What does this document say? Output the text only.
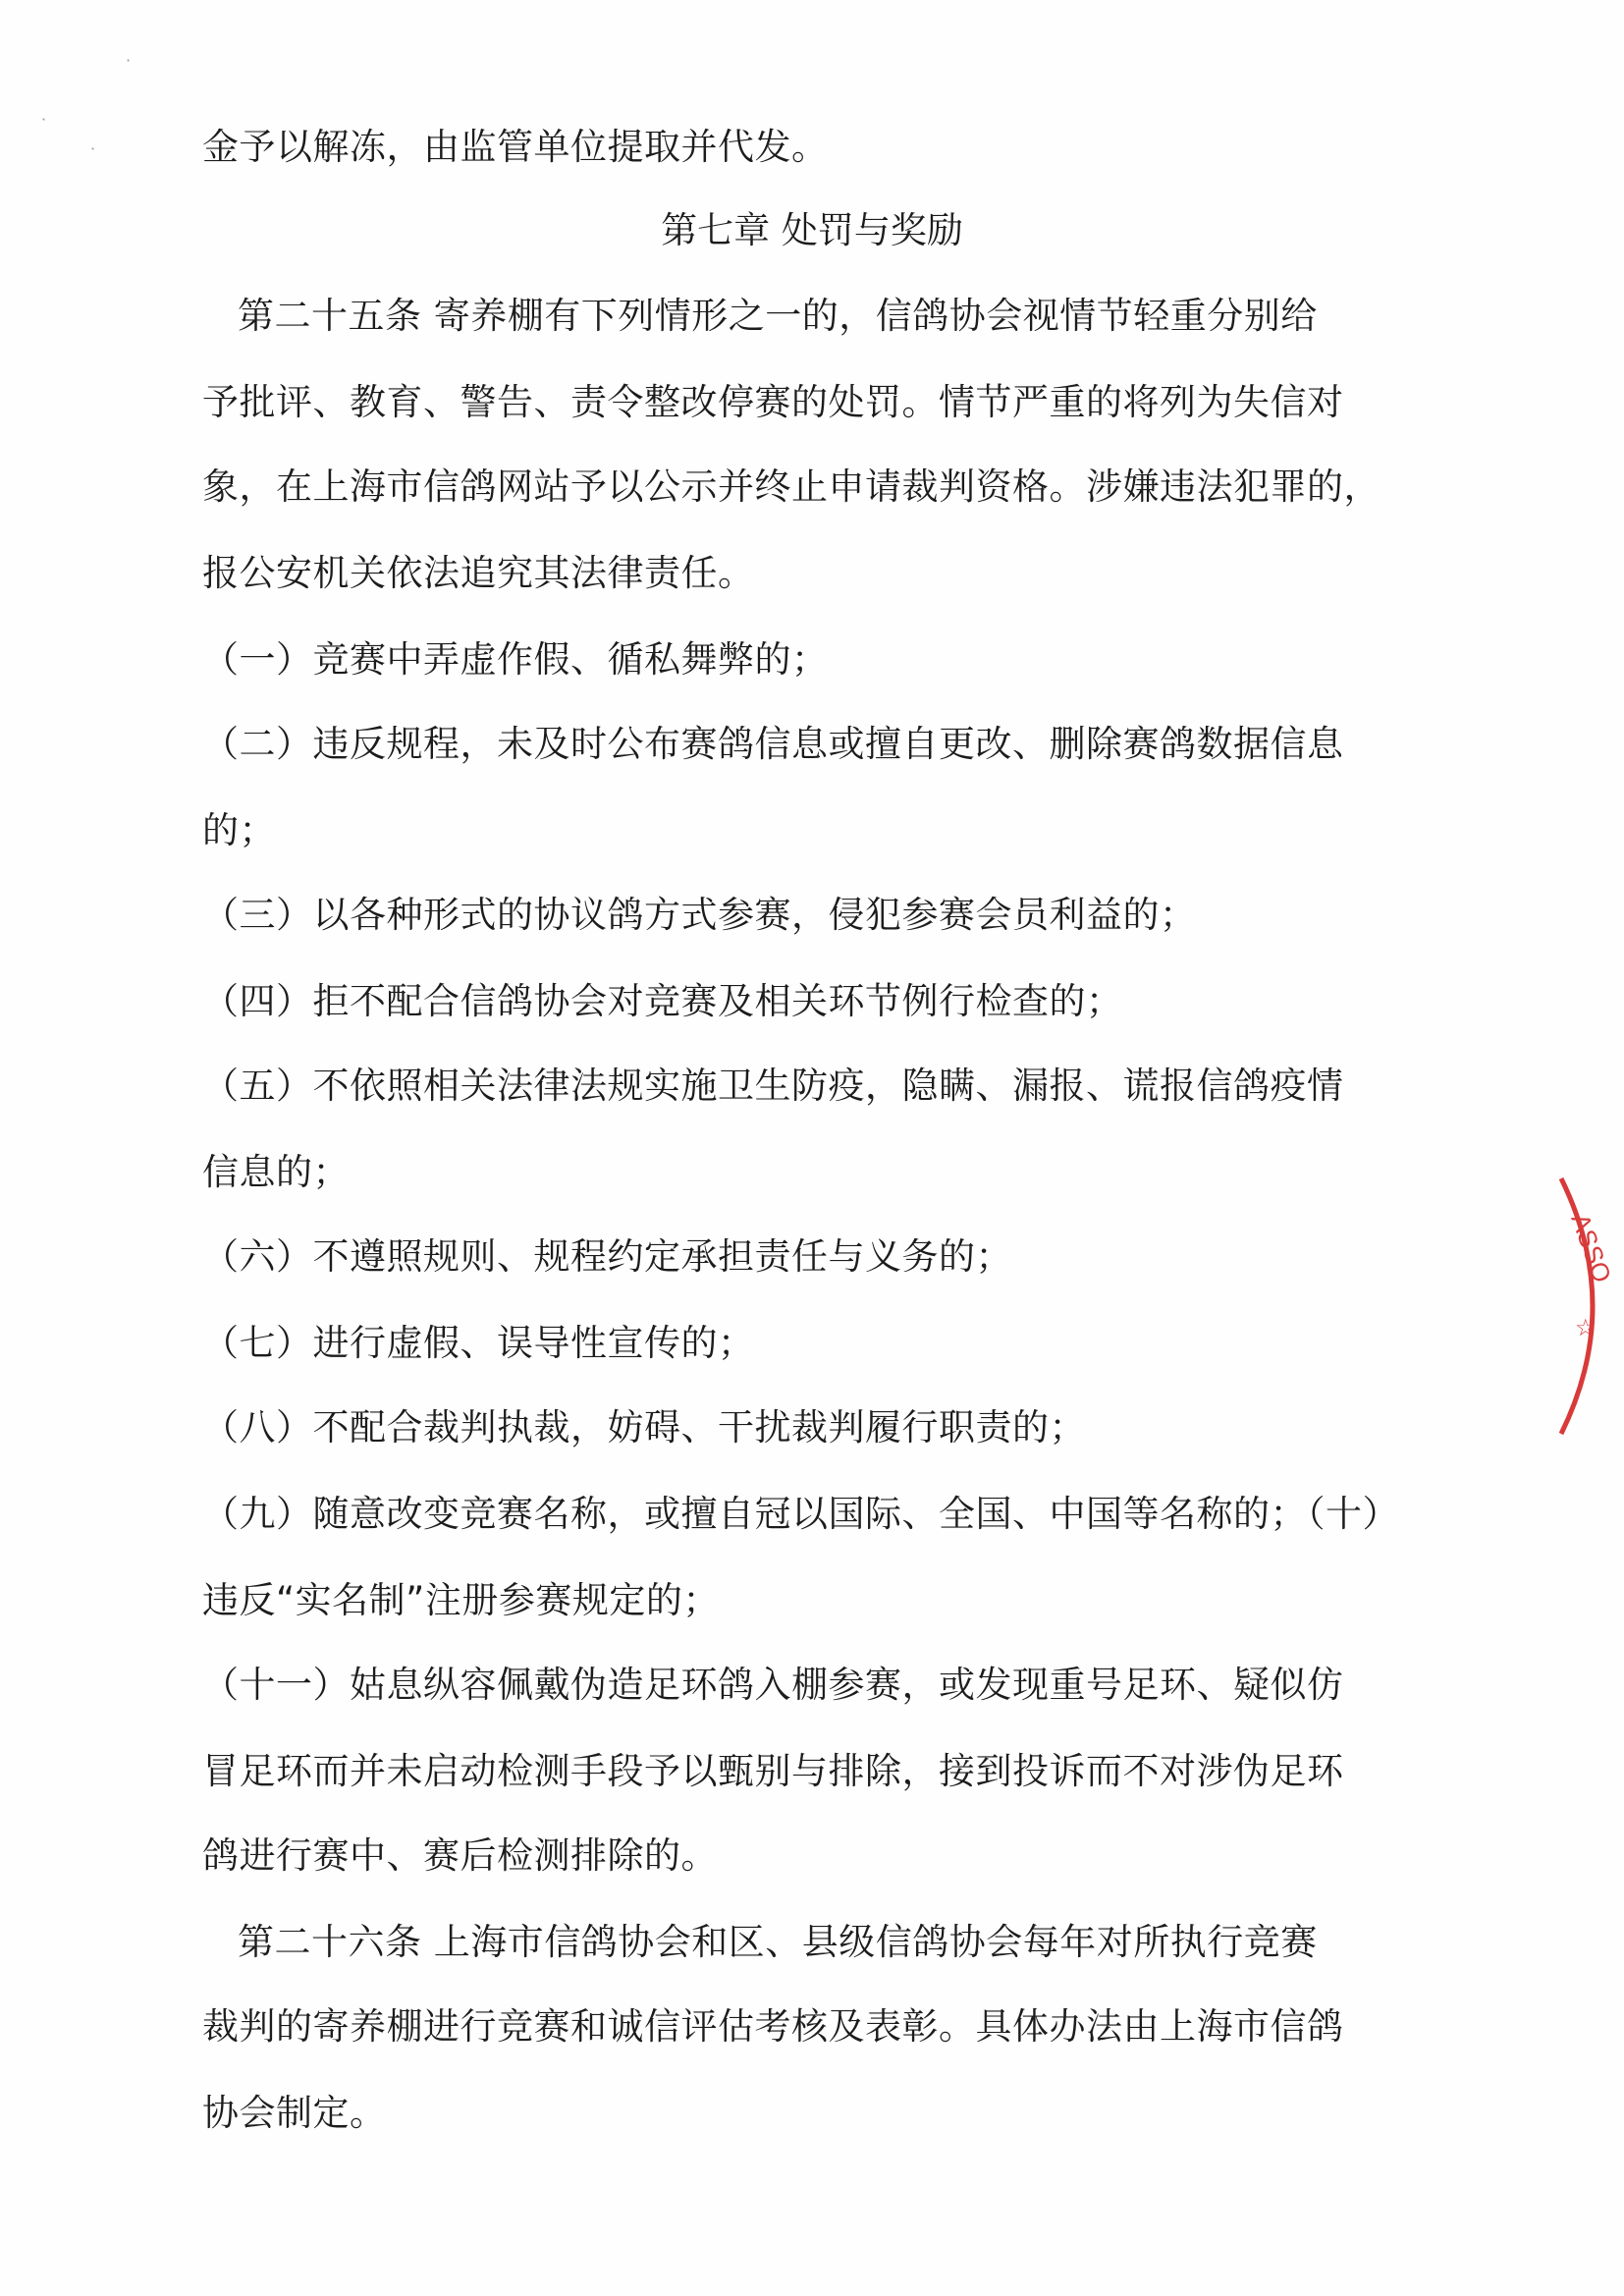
·
·
·
金予以解冻，由监管单位提取并代发。
第七章 处罚与奖励
第二十五条 寄养棚有下列情形之一的，信鸽协会视情节轻重分别给
予批评、教育、警告、责令整改停赛的处罚。情节严重的将列为失信对
象，在上海市信鸽网站予以公示并终止申请裁判资格。涉嫌违法犯罪的，
报公安机关依法追究其法律责任。
（一）竞赛中弄虚作假、循私舞弊的；
（二）违反规程，未及时公布赛鸽信息或擅自更改、删除赛鸽数据信息
的；
（三）以各种形式的协议鸽方式参赛，侵犯参赛会员利益的；
（四）拒不配合信鸽协会对竞赛及相关环节例行检查的；
（五）不依照相关法律法规实施卫生防疫，隐瞒、漏报、谎报信鸽疫情
信息的；
（六）不遵照规则、规程约定承担责任与义务的；
（七）进行虚假、误导性宣传的；
（八）不配合裁判执裁，妨碍、干扰裁判履行职责的；
（九）随意改变竞赛名称，或擅自冠以国际、全国、中国等名称的；（十）
违反“实名制”注册参赛规定的；
（十一）姑息纵容佩戴伪造足环鸽入棚参赛，或发现重号足环、疑似仿
冒足环而并未启动检测手段予以甄别与排除，接到投诉而不对涉伪足环
鸽进行赛中、赛后检测排除的。
第二十六条 上海市信鸽协会和区、县级信鸽协会每年对所执行竞赛
裁判的寄养棚进行竞赛和诚信评估考核及表彰。具体办法由上海市信鸽
协会制定。
ASSO
☆
